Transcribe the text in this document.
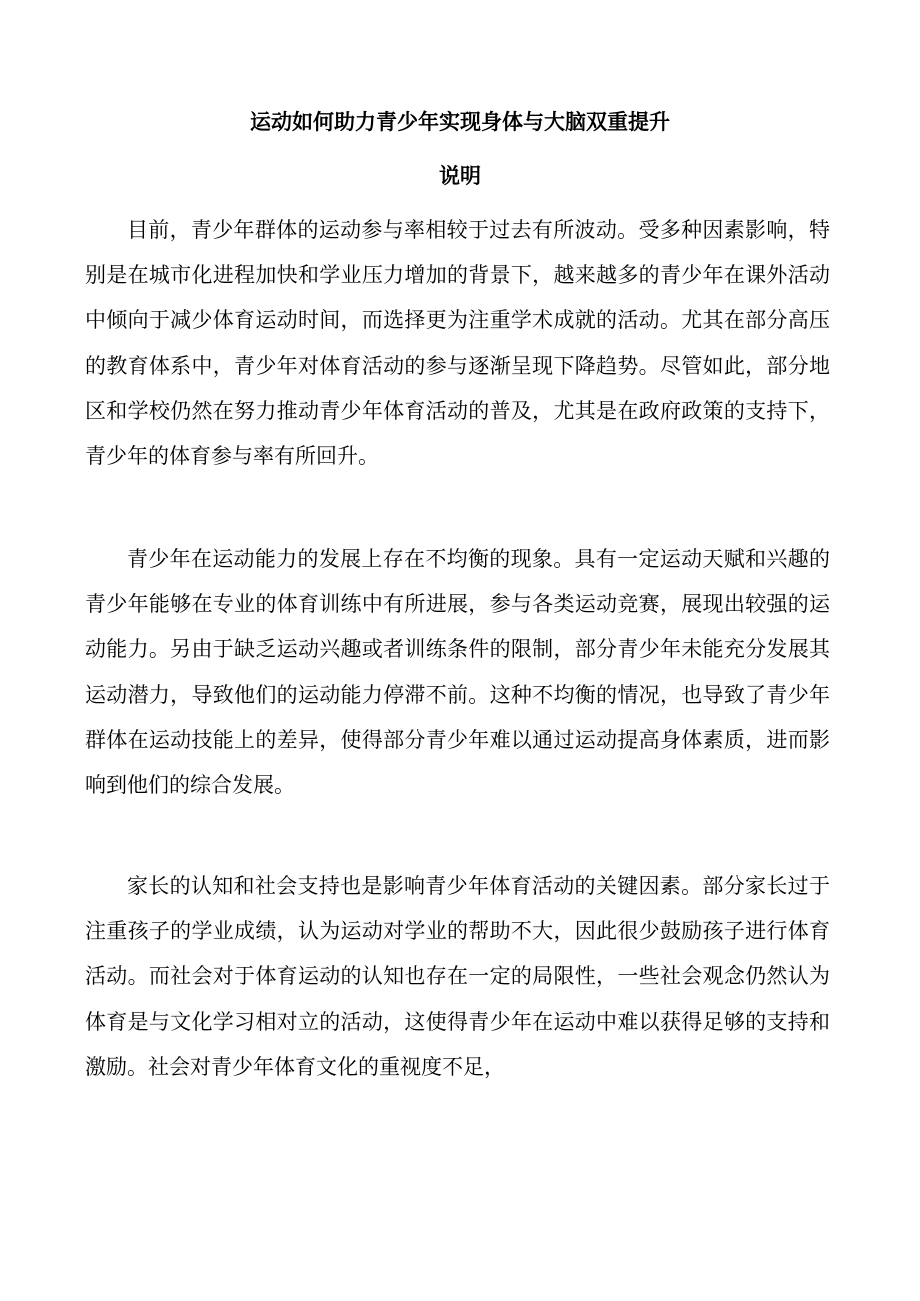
运动如何助力青少年实现身体与大脑双重提升
说明

目前，青少年群体的运动参与率相较于过去有所波动。受多种因素影响，特别是在城市化进程加快和学业压力增加的背景下，越来越多的青少年在课外活动中倾向于减少体育运动时间，而选择更为注重学术成就的活动。尤其在部分高压的教育体系中，青少年对体育活动的参与逐渐呈现下降趋势。尽管如此，部分地区和学校仍然在努力推动青少年体育活动的普及，尤其是在政府政策的支持下，青少年的体育参与率有所回升。

青少年在运动能力的发展上存在不均衡的现象。具有一定运动天赋和兴趣的青少年能够在专业的体育训练中有所进展，参与各类运动竞赛，展现出较强的运动能力。另由于缺乏运动兴趣或者训练条件的限制，部分青少年未能充分发展其运动潜力，导致他们的运动能力停滞不前。这种不均衡的情况，也导致了青少年群体在运动技能上的差异，使得部分青少年难以通过运动提高身体素质，进而影响到他们的综合发展。

家长的认知和社会支持也是影响青少年体育活动的关键因素。部分家长过于注重孩子的学业成绩，认为运动对学业的帮助不大，因此很少鼓励孩子进行体育活动。而社会对于体育运动的认知也存在一定的局限性，一些社会观念仍然认为体育是与文化学习相对立的活动，这使得青少年在运动中难以获得足够的支持和激励。社会对青少年体育文化的重视度不足，
